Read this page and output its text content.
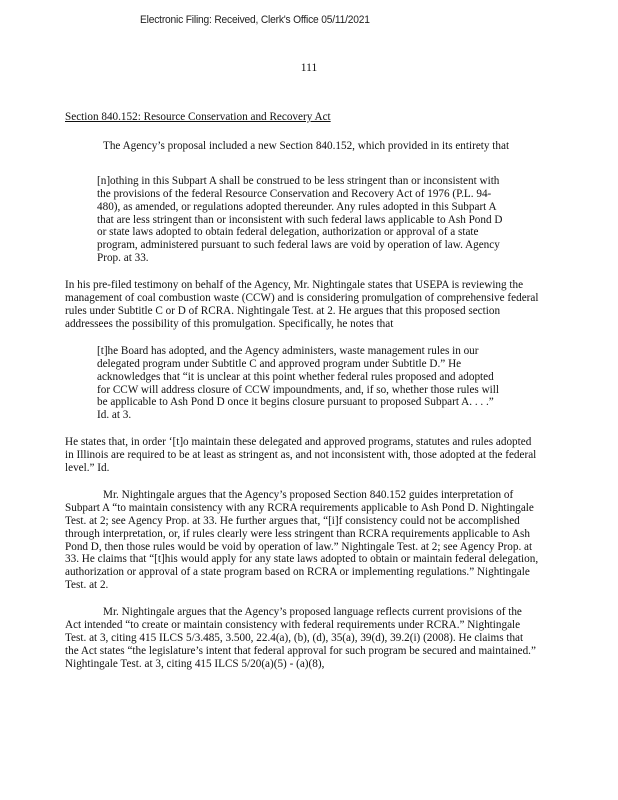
Electronic Filing: Received, Clerk's Office 05/11/2021
111

Section 840.152: Resource Conservation and Recovery Act

The Agency’s proposal included a new Section 840.152, which provided in its entirety that

[n]othing in this Subpart A shall be construed to be less stringent than or inconsistent with the provisions of the federal Resource Conservation and Recovery Act of 1976 (P.L. 94-480), as amended, or regulations adopted thereunder. Any rules adopted in this Subpart A that are less stringent than or inconsistent with such federal laws applicable to Ash Pond D or state laws adopted to obtain federal delegation, authorization or approval of a state program, administered pursuant to such federal laws are void by operation of law. Agency Prop. at 33.

In his pre-filed testimony on behalf of the Agency, Mr. Nightingale states that USEPA is reviewing the management of coal combustion waste (CCW) and is considering promulgation of comprehensive federal rules under Subtitle C or D of RCRA. Nightingale Test. at 2. He argues that this proposed section addressees the possibility of this promulgation. Specifically, he notes that

[t]he Board has adopted, and the Agency administers, waste management rules in our delegated program under Subtitle C and approved program under Subtitle D.” He acknowledges that “it is unclear at this point whether federal rules proposed and adopted for CCW will address closure of CCW impoundments, and, if so, whether those rules will be applicable to Ash Pond D once it begins closure pursuant to proposed Subpart A. . . .” Id. at 3.

He states that, in order ‘[t]o maintain these delegated and approved programs, statutes and rules adopted in Illinois are required to be at least as stringent as, and not inconsistent with, those adopted at the federal level.” Id.

Mr. Nightingale argues that the Agency’s proposed Section 840.152 guides interpretation of Subpart A “to maintain consistency with any RCRA requirements applicable to Ash Pond D. Nightingale Test. at 2; see Agency Prop. at 33. He further argues that, “[i]f consistency could not be accomplished through interpretation, or, if rules clearly were less stringent than RCRA requirements applicable to Ash Pond D, then those rules would be void by operation of law.” Nightingale Test. at 2; see Agency Prop. at 33. He claims that “[t]his would apply for any state laws adopted to obtain or maintain federal delegation, authorization or approval of a state program based on RCRA or implementing regulations.” Nightingale Test. at 2.

Mr. Nightingale argues that the Agency’s proposed language reflects current provisions of the Act intended “to create or maintain consistency with federal requirements under RCRA.” Nightingale Test. at 3, citing 415 ILCS 5/3.485, 3.500, 22.4(a), (b), (d), 35(a), 39(d), 39.2(i) (2008). He claims that the Act states “the legislature’s intent that federal approval for such program be secured and maintained.” Nightingale Test. at 3, citing 415 ILCS 5/20(a)(5) - (a)(8),
